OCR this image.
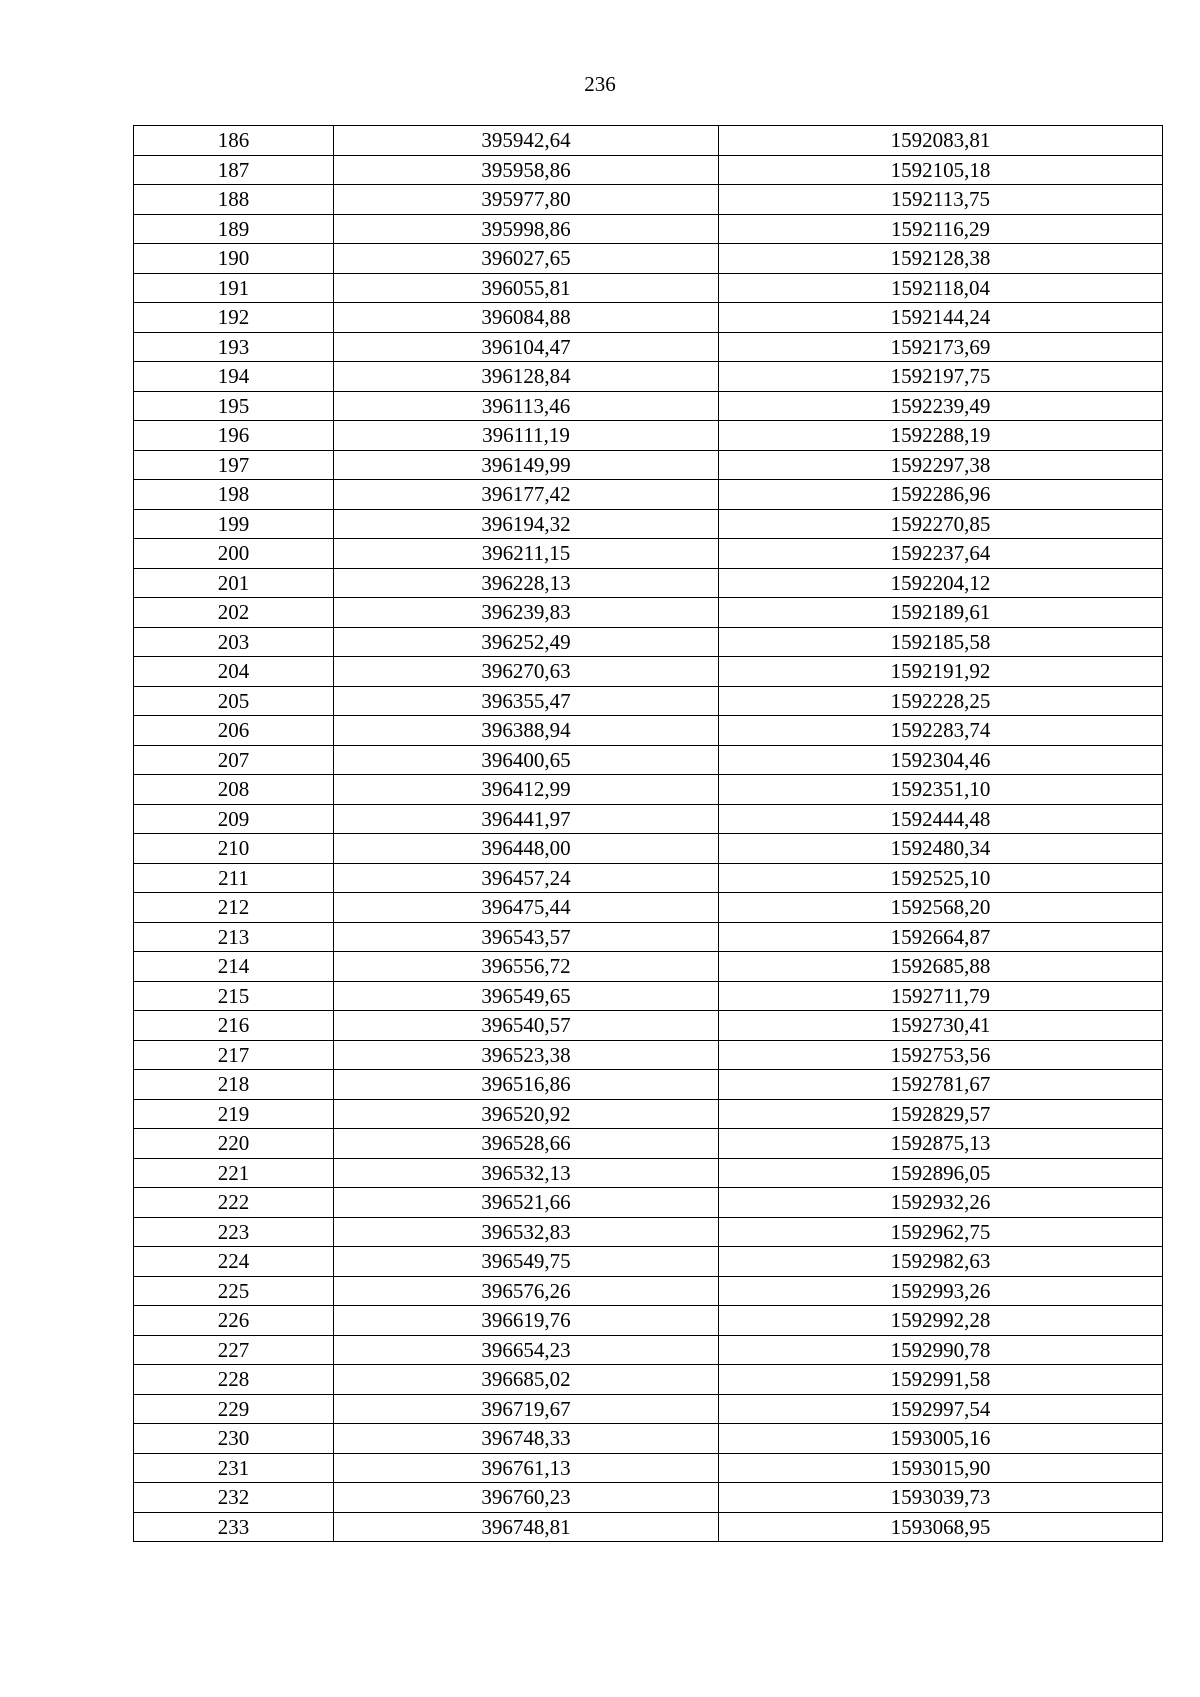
236
186	395942,64	1592083,81
187	395958,86	1592105,18
188	395977,80	1592113,75
189	395998,86	1592116,29
190	396027,65	1592128,38
191	396055,81	1592118,04
192	396084,88	1592144,24
193	396104,47	1592173,69
194	396128,84	1592197,75
195	396113,46	1592239,49
196	396111,19	1592288,19
197	396149,99	1592297,38
198	396177,42	1592286,96
199	396194,32	1592270,85
200	396211,15	1592237,64
201	396228,13	1592204,12
202	396239,83	1592189,61
203	396252,49	1592185,58
204	396270,63	1592191,92
205	396355,47	1592228,25
206	396388,94	1592283,74
207	396400,65	1592304,46
208	396412,99	1592351,10
209	396441,97	1592444,48
210	396448,00	1592480,34
211	396457,24	1592525,10
212	396475,44	1592568,20
213	396543,57	1592664,87
214	396556,72	1592685,88
215	396549,65	1592711,79
216	396540,57	1592730,41
217	396523,38	1592753,56
218	396516,86	1592781,67
219	396520,92	1592829,57
220	396528,66	1592875,13
221	396532,13	1592896,05
222	396521,66	1592932,26
223	396532,83	1592962,75
224	396549,75	1592982,63
225	396576,26	1592993,26
226	396619,76	1592992,28
227	396654,23	1592990,78
228	396685,02	1592991,58
229	396719,67	1592997,54
230	396748,33	1593005,16
231	396761,13	1593015,90
232	396760,23	1593039,73
233	396748,81	1593068,95
